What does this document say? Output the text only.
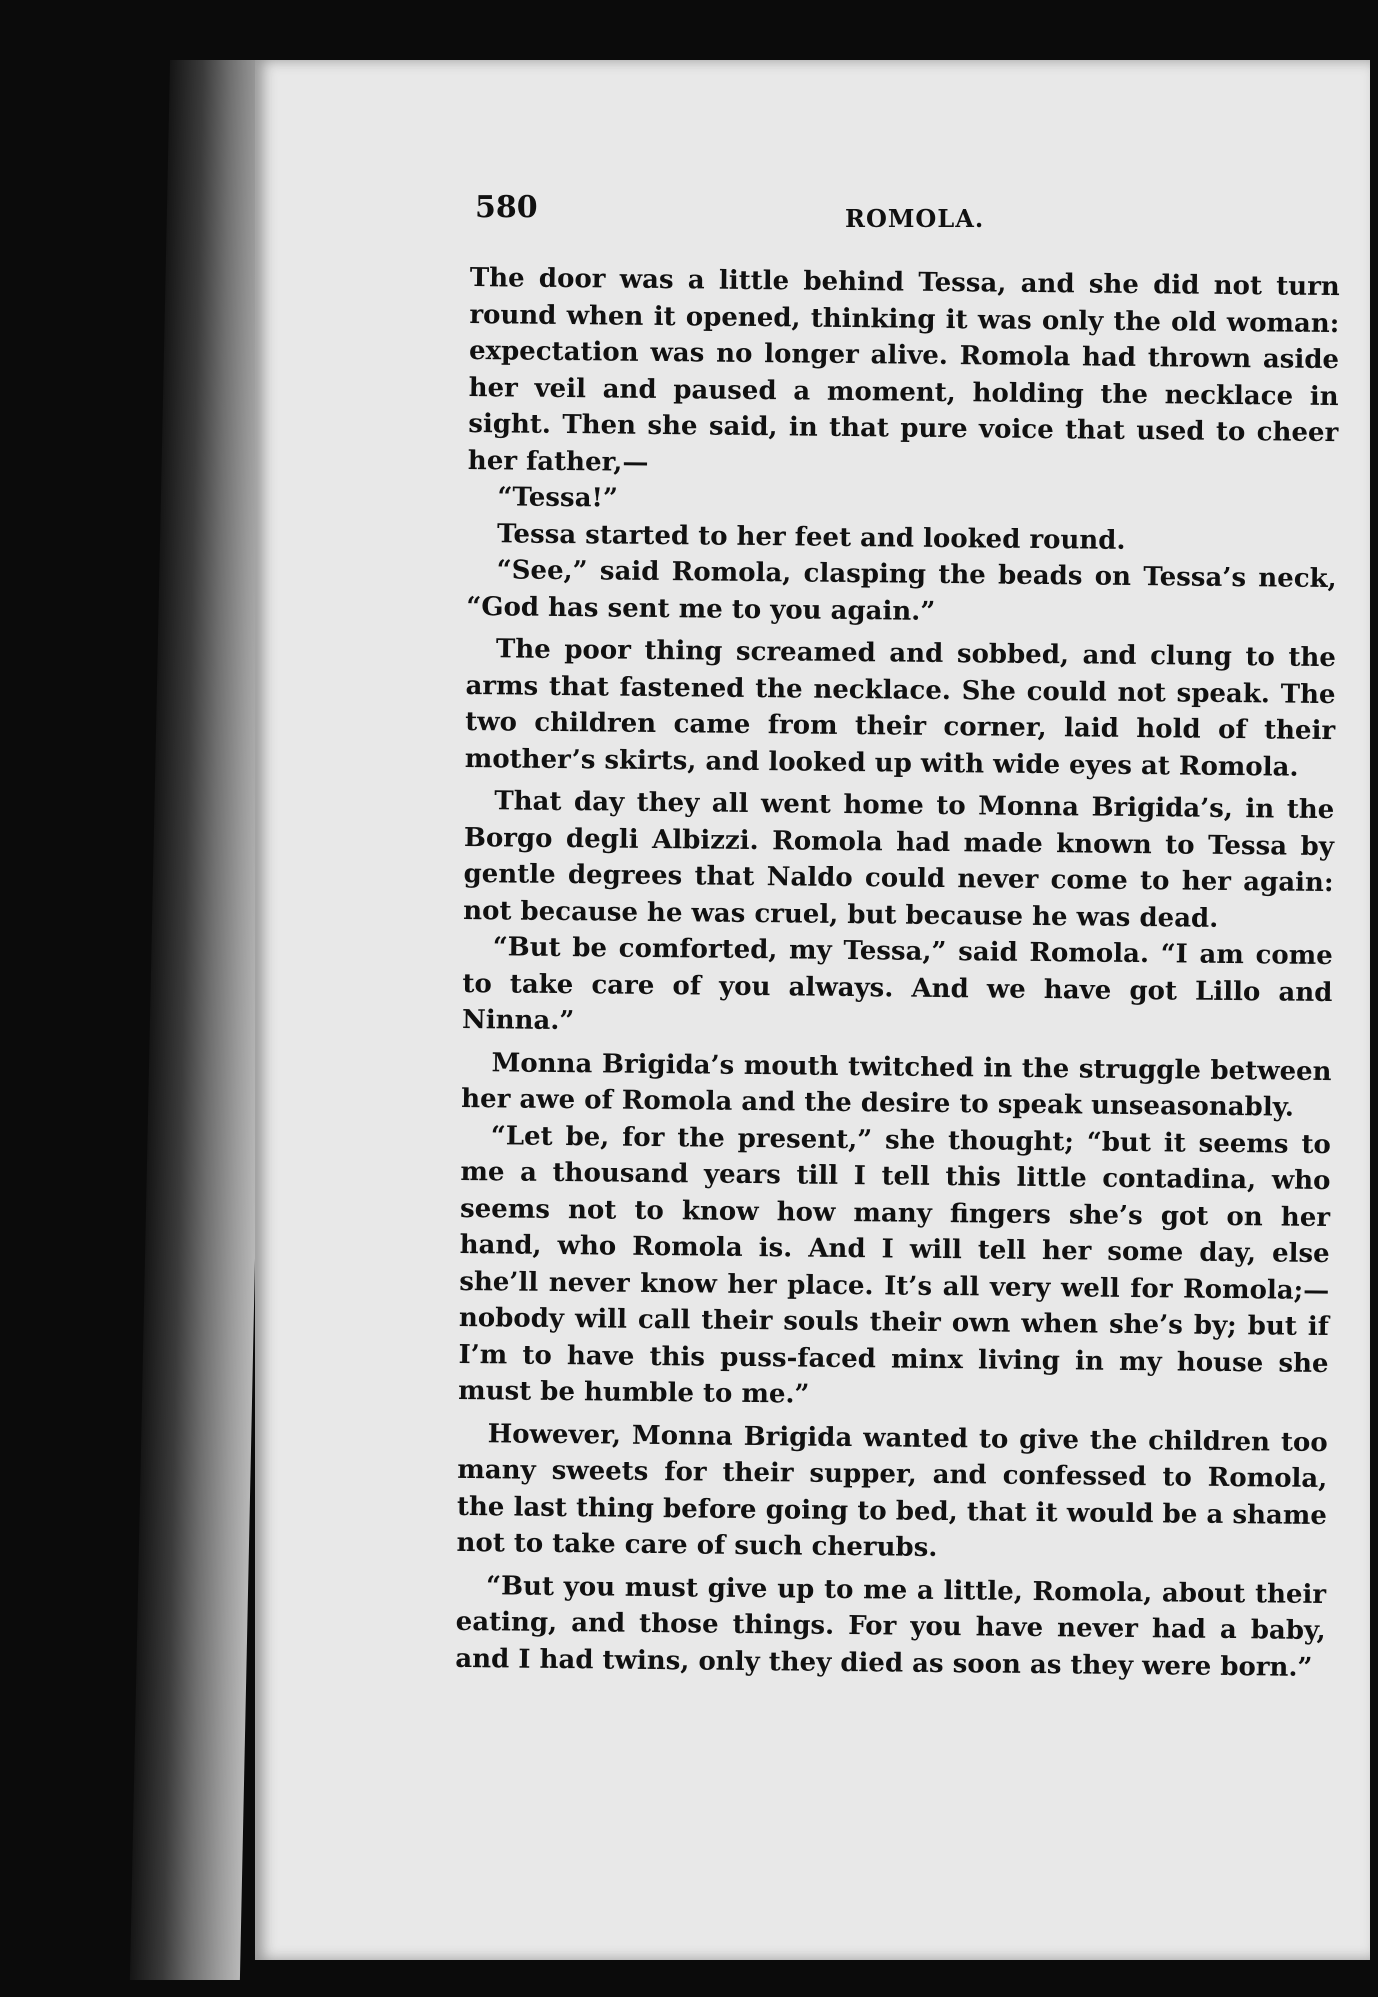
580	ROMOLA.

The door was a little behind Tessa, and she did not turn round when it opened, thinking it was only the old woman: expectation was no longer alive. Romola had thrown aside her veil and paused a moment, holding the necklace in sight. Then she said, in that pure voice that used to cheer her father,—

“Tessa!”

Tessa started to her feet and looked round.

“See,” said Romola, clasping the beads on Tessa’s neck, “God has sent me to you again.”

The poor thing screamed and sobbed, and clung to the arms that fastened the necklace. She could not speak. The two children came from their corner, laid hold of their mother’s skirts, and looked up with wide eyes at Romola.

That day they all went home to Monna Brigida’s, in the Borgo degli Albizzi. Romola had made known to Tessa by gentle degrees that Naldo could never come to her again: not because he was cruel, but because he was dead.

“But be comforted, my Tessa,” said Romola. “I am come to take care of you always. And we have got Lillo and Ninna.”

Monna Brigida’s mouth twitched in the struggle between her awe of Romola and the desire to speak unseasonably.

“Let be, for the present,” she thought; “but it seems to me a thousand years till I tell this little contadina, who seems not to know how many fingers she’s got on her hand, who Romola is. And I will tell her some day, else she’ll never know her place. It’s all very well for Romola;—nobody will call their souls their own when she’s by; but if I’m to have this puss-faced minx living in my house she must be humble to me.”

However, Monna Brigida wanted to give the children too many sweets for their supper, and confessed to Romola, the last thing before going to bed, that it would be a shame not to take care of such cherubs.

“But you must give up to me a little, Romola, about their eating, and those things. For you have never had a baby, and I had twins, only they died as soon as they were born.”
